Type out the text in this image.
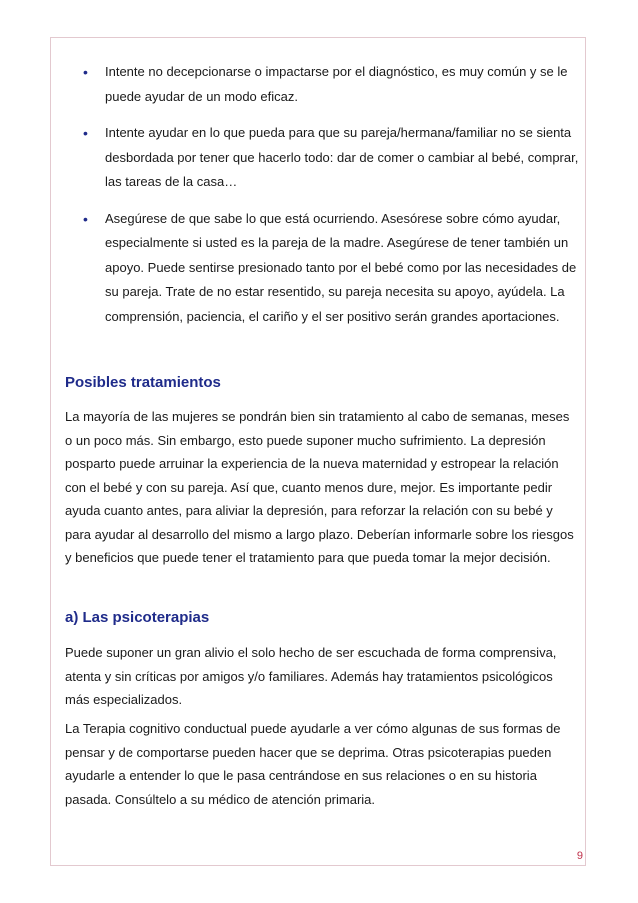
• Intente no decepcionarse o impactarse por el diagnóstico, es muy común y se le puede ayudar de un modo eficaz.
• Intente ayudar en lo que pueda para que su pareja/hermana/familiar no se sienta desbordada por tener que hacerlo todo: dar de comer o cambiar al bebé, comprar, las tareas de la casa…
• Asegúrese de que sabe lo que está ocurriendo. Asesórese sobre cómo ayudar, especialmente si usted es la pareja de la madre. Asegúrese de tener también un apoyo. Puede sentirse presionado tanto por el bebé como por las necesidades de su pareja. Trate de no estar resentido, su pareja necesita su apoyo, ayúdela. La comprensión, paciencia, el cariño y el ser positivo serán grandes aportaciones.
Posibles tratamientos

La mayoría de las mujeres se pondrán bien sin tratamiento al cabo de semanas, meses o un poco más. Sin embargo, esto puede suponer mucho sufrimiento. La depresión posparto puede arruinar la experiencia de la nueva maternidad y estropear la relación con el bebé y con su pareja. Así que, cuanto menos dure, mejor. Es importante pedir ayuda cuanto antes, para aliviar la depresión, para reforzar la relación con su bebé y para ayudar al desarrollo del mismo a largo plazo. Deberían informarle sobre los riesgos y beneficios que puede tener el tratamiento para que pueda tomar la mejor decisión.

a) Las psicoterapias

Puede suponer un gran alivio el solo hecho de ser escuchada de forma comprensiva, atenta y sin críticas por amigos y/o familiares. Además hay tratamientos psicológicos más especializados.

La Terapia cognitivo conductual puede ayudarle a ver cómo algunas de sus formas de pensar y de comportarse pueden hacer que se deprima. Otras psicoterapias pueden ayudarle a entender lo que le pasa centrándose en sus relaciones o en su historia pasada. Consúltelo a su médico de atención primaria.

9
